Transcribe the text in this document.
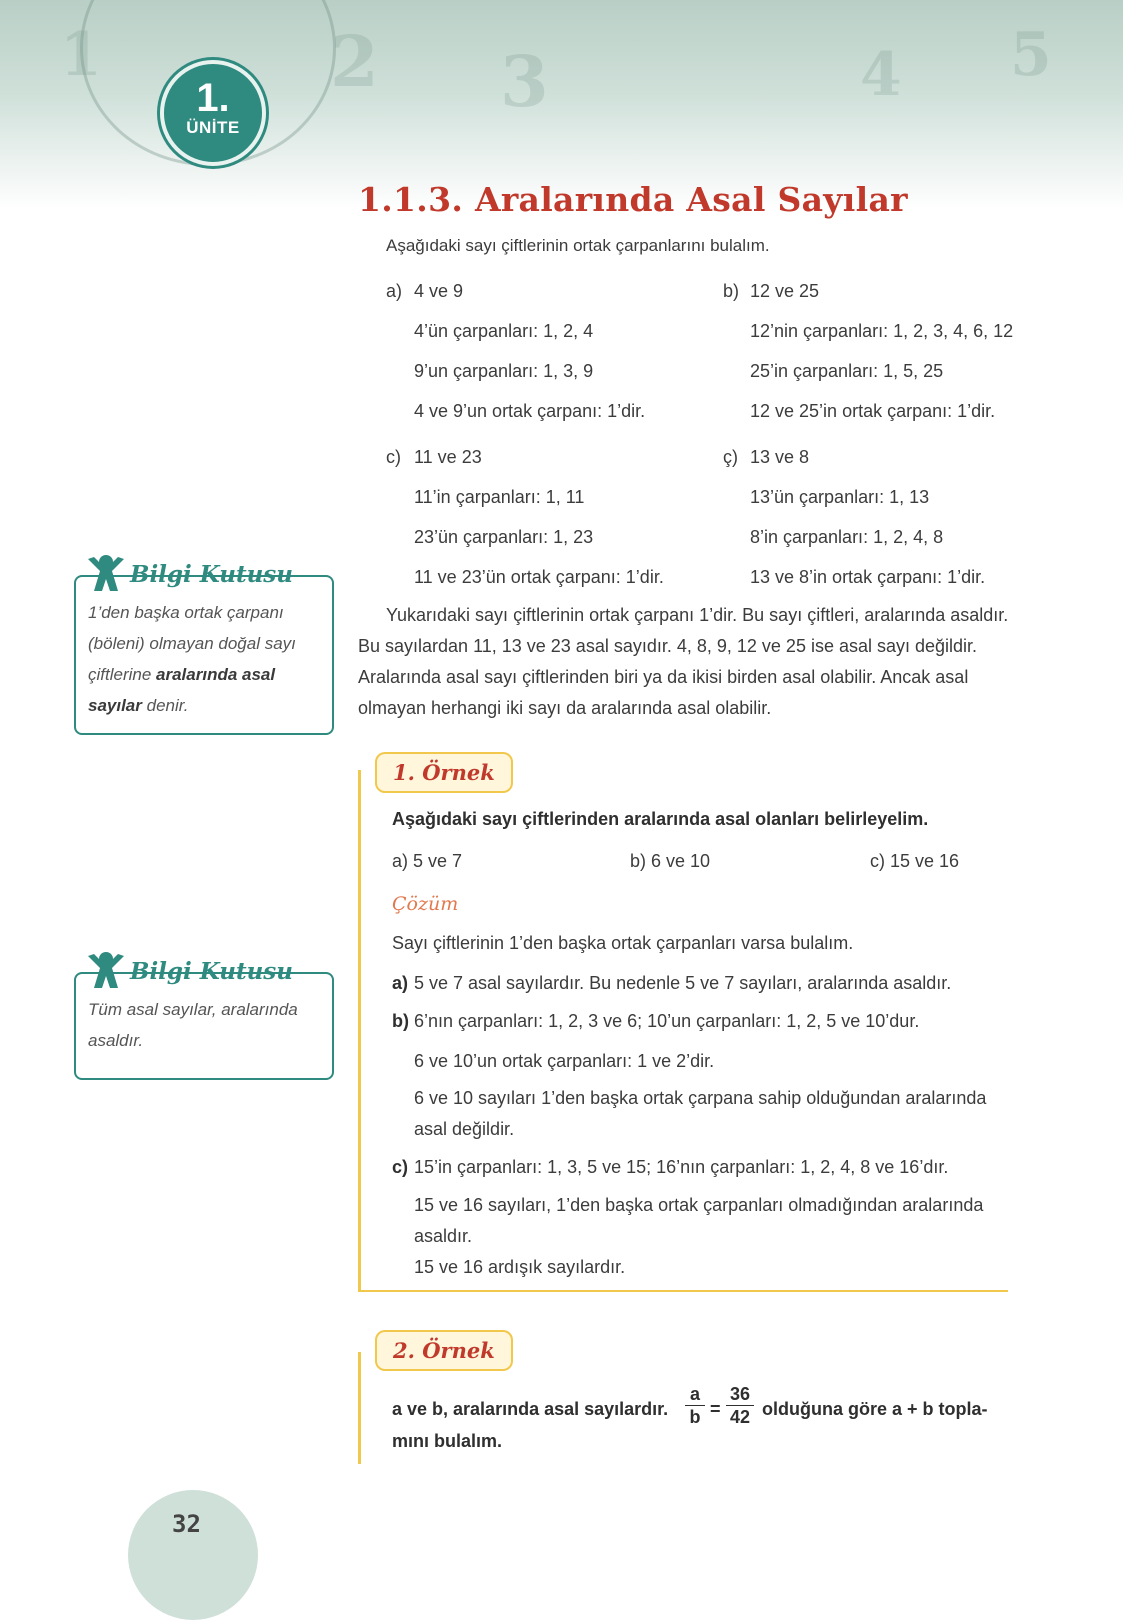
1	2 3	4 5
1.
ÜNİTE
1.1.3. Aralarında Asal Sayılar
Aşağıdaki sayı çiftlerinin ortak çarpanlarını bulalım.
a) 4 ve 9
4’ün çarpanları: 1, 2, 4
9’un çarpanları: 1, 3, 9
4 ve 9’un ortak çarpanı: 1’dir.
b) 12 ve 25
12’nin çarpanları: 1, 2, 3, 4, 6, 12
25’in çarpanları: 1, 5, 25
12 ve 25’in ortak çarpanı: 1’dir.
c) 11 ve 23
11’in çarpanları: 1, 11
23’ün çarpanları: 1, 23
11 ve 23’ün ortak çarpanı: 1’dir.
ç) 13 ve 8
13’ün çarpanları: 1, 13
8’in çarpanları: 1, 2, 4, 8
13 ve 8’in ortak çarpanı: 1’dir.
Yukarıdaki sayı çiftlerinin ortak çarpanı 1’dir. Bu sayı çiftleri, aralarında asaldır. Bu sayılardan 11, 13 ve 23 asal sayıdır. 4, 8, 9, 12 ve 25 ise asal sayı değildir. Aralarında asal sayı çiftlerinden biri ya da ikisi birden asal olabilir. Ancak asal olmayan herhangi iki sayı da aralarında asal olabilir.
Bilgi Kutusu
1’den başka ortak çarpanı (böleni) olmayan doğal sayı çiftlerine aralarında asal sayılar denir.
1. Örnek
Aşağıdaki sayı çiftlerinden aralarında asal olanları belirleyelim.
a) 5 ve 7	b) 6 ve 10	c) 15 ve 16
Çözüm
Sayı çiftlerinin 1’den başka ortak çarpanları varsa bulalım.
a) 5 ve 7 asal sayılardır. Bu nedenle 5 ve 7 sayıları, aralarında asaldır.
b) 6’nın çarpanları: 1, 2, 3 ve 6; 10’un çarpanları: 1, 2, 5 ve 10’dur.
6 ve 10’un ortak çarpanları: 1 ve 2’dir.
6 ve 10 sayıları 1’den başka ortak çarpana sahip olduğundan aralarında asal değildir.
c) 15’in çarpanları: 1, 3, 5 ve 15; 16’nın çarpanları: 1, 2, 4, 8 ve 16’dır.
15 ve 16 sayıları, 1’den başka ortak çarpanları olmadığından aralarında asaldır.
15 ve 16 ardışık sayılardır.
Bilgi Kutusu
Tüm asal sayılar, aralarında asaldır.
2. Örnek
a ve b, aralarında asal sayılardır. $\frac{a}{b} = \frac{36}{42}$ olduğuna göre a + b topla-
mını bulalım.
32
